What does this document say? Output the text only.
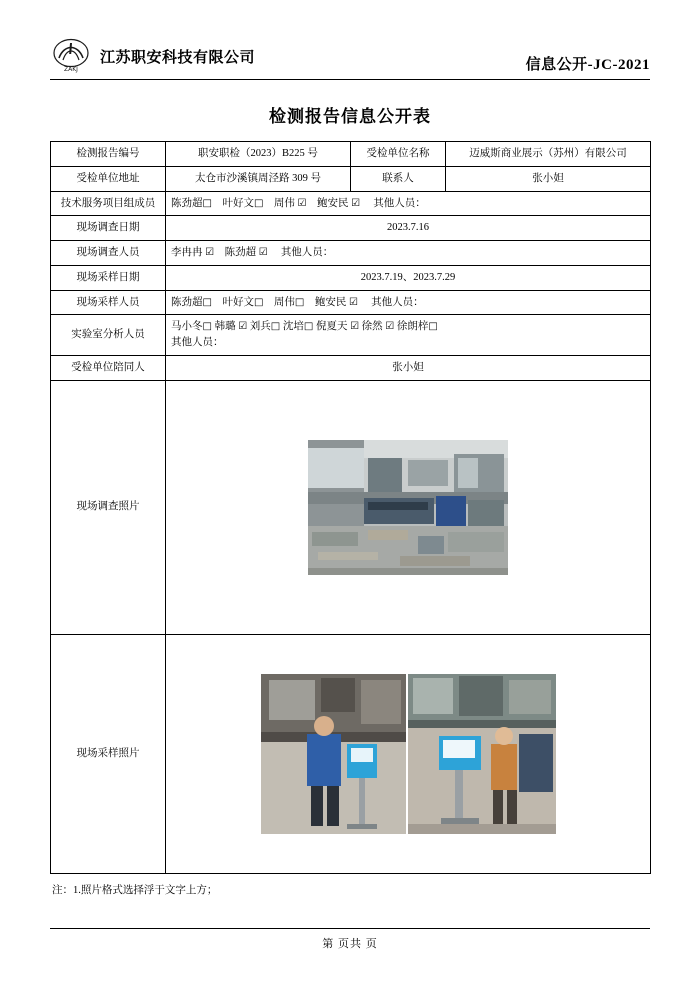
ZAKJ
江苏职安科技有限公司	信息公开-JC-2021
检测报告信息公开表
检测报告编号	职安职检（2023）B225 号	受检单位名称	迈威斯商业展示（苏州）有限公司
受检单位地址	太仓市沙溪镇周泾路 309 号	联系人	张小妲
技术服务项目组成员	陈劲超□ 叶好文□ 周伟 ☑ 鲍安民 ☑ 其他人员：		
现场调查日期	2023.7.16		
现场调查人员	李冉冉 ☑ 陈劲超 ☑ 其他人员：		
现场采样日期	2023.7.19、2023.7.29		
现场采样人员	陈劲超□ 叶好文□ 周伟□ 鲍安民 ☑ 其他人员：		
实验室分析人员	马小冬□ 韩璐 ☑ 刘兵□ 沈培□ 倪夏天 ☑ 徐然 ☑ 徐朗梓□
其他人员：		

受检单位陪同人	张小妲		
现场调查照片	

现场采样照片	
注：1.照片格式选择浮于文字上方；
第 页共 页
